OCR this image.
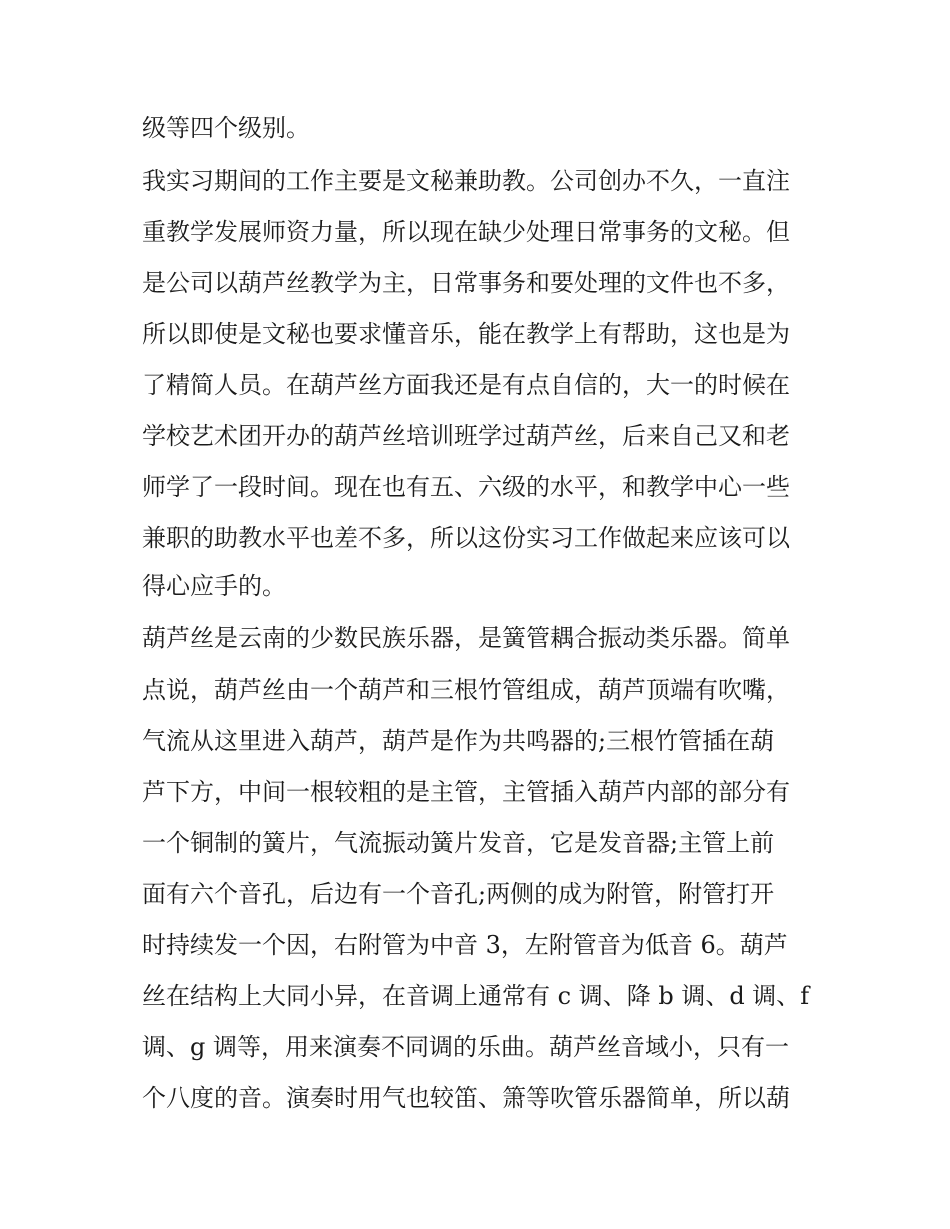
级等四个级别。
我实习期间的工作主要是文秘兼助教。公司创办不久，一直注
重教学发展师资力量，所以现在缺少处理日常事务的文秘。但
是公司以葫芦丝教学为主，日常事务和要处理的文件也不多，
所以即使是文秘也要求懂音乐，能在教学上有帮助，这也是为
了精简人员。在葫芦丝方面我还是有点自信的，大一的时候在
学校艺术团开办的葫芦丝培训班学过葫芦丝，后来自己又和老
师学了一段时间。现在也有五、六级的水平，和教学中心一些
兼职的助教水平也差不多，所以这份实习工作做起来应该可以
得心应手的。
葫芦丝是云南的少数民族乐器，是簧管耦合振动类乐器。简单
点说，葫芦丝由一个葫芦和三根竹管组成，葫芦顶端有吹嘴，
气流从这里进入葫芦，葫芦是作为共鸣器的;三根竹管插在葫
芦下方，中间一根较粗的是主管，主管插入葫芦内部的部分有
一个铜制的簧片，气流振动簧片发音，它是发音器;主管上前
面有六个音孔，后边有一个音孔;两侧的成为附管，附管打开
时持续发一个因，右附管为中音 3，左附管音为低音 6。葫芦
丝在结构上大同小异，在音调上通常有 c 调、降 b 调、d 调、f
调、g 调等，用来演奏不同调的乐曲。葫芦丝音域小，只有一
个八度的音。演奏时用气也较笛、箫等吹管乐器简单，所以葫
